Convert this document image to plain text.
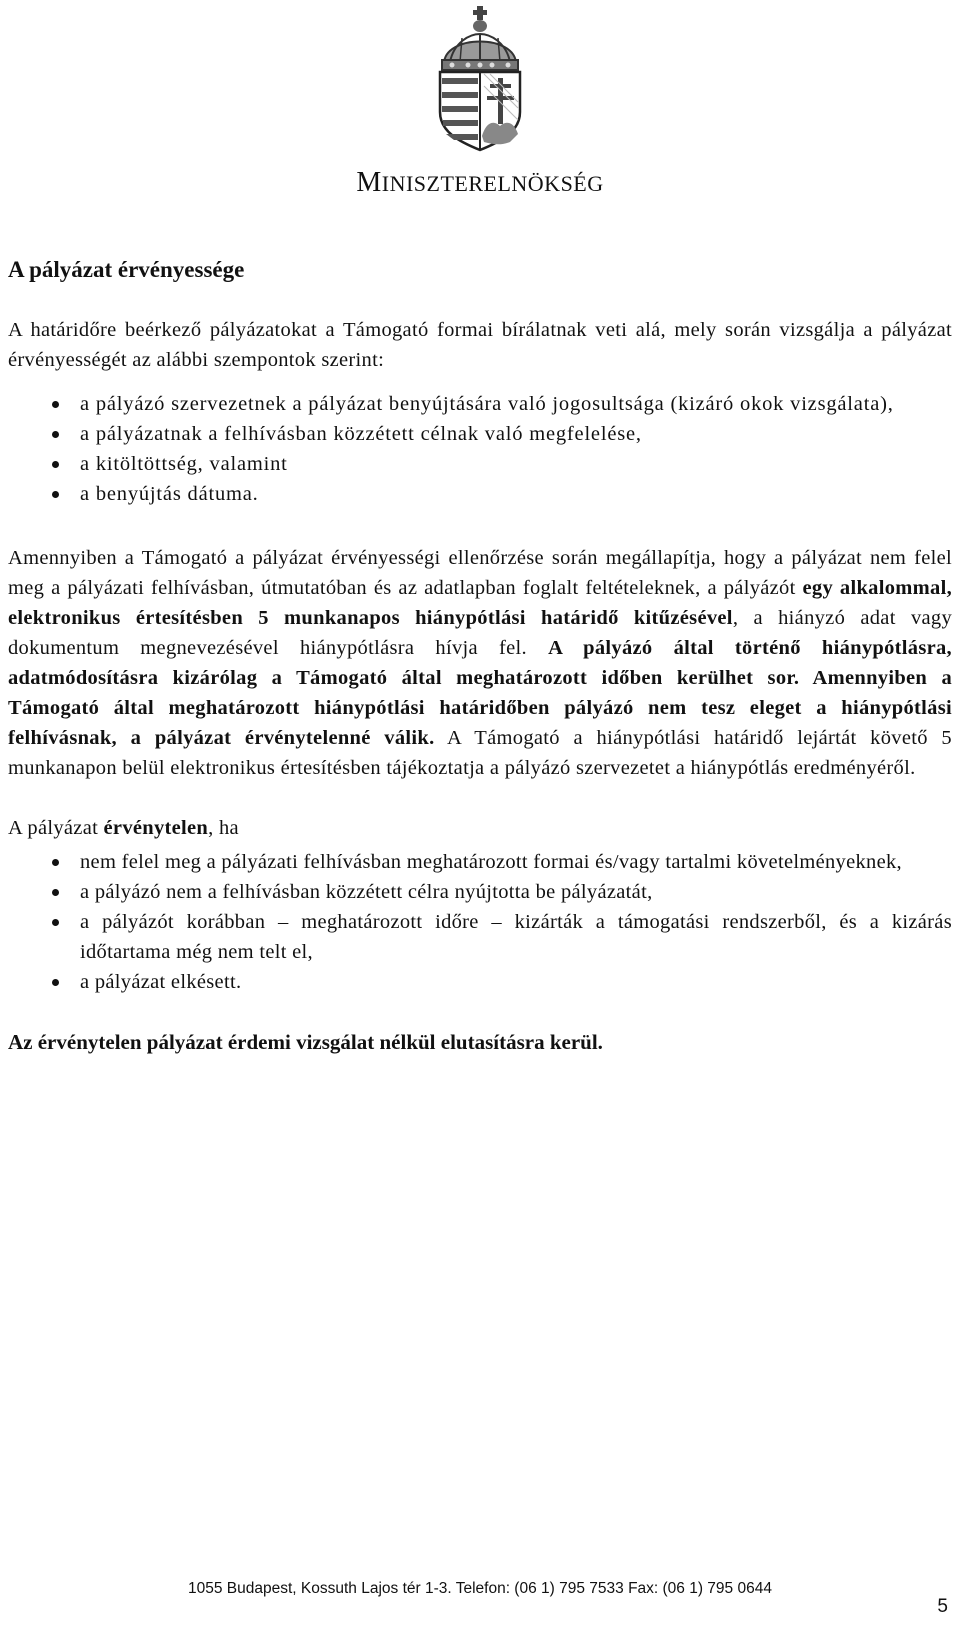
MINISZTERELNÖKSÉG
A pályázat érvényessége

A határidőre beérkező pályázatokat a Támogató formai bírálatnak veti alá, mely során vizsgálja a pályázat érvényességét az alábbi szempontok szerint:

a pályázó szervezetnek a pályázat benyújtására való jogosultsága (kizáró okok vizsgálata),
a pályázatnak a felhívásban közzétett célnak való megfelelése,
a kitöltöttség, valamint
a benyújtás dátuma.

Amennyiben a Támogató a pályázat érvényességi ellenőrzése során megállapítja, hogy a pályázat nem felel meg a pályázati felhívásban, útmutatóban és az adatlapban foglalt feltételeknek, a pályázót egy alkalommal, elektronikus értesítésben 5 munkanapos hiánypótlási határidő kitűzésével, a hiányzó adat vagy dokumentum megnevezésével hiánypótlásra hívja fel. A pályázó által történő hiánypótlásra, adatmódosításra kizárólag a Támogató által meghatározott időben kerülhet sor. Amennyiben a Támogató által meghatározott hiánypótlási határidőben pályázó nem tesz eleget a hiánypótlási felhívásnak, a pályázat érvénytelenné válik. A Támogató a hiánypótlási határidő lejártát követő 5 munkanapon belül elektronikus értesítésben tájékoztatja a pályázó szervezetet a hiánypótlás eredményéről.

A pályázat érvénytelen, ha

nem felel meg a pályázati felhívásban meghatározott formai és/vagy tartalmi követelményeknek,
a pályázó nem a felhívásban közzétett célra nyújtotta be pályázatát,
a pályázót korábban – meghatározott időre – kizárták a támogatási rendszerből, és a kizárás időtartama még nem telt el,
a pályázat elkésett.

Az érvénytelen pályázat érdemi vizsgálat nélkül elutasításra kerül.

1055 Budapest, Kossuth Lajos tér 1-3. Telefon: (06 1) 795 7533 Fax: (06 1) 795 0644
5
